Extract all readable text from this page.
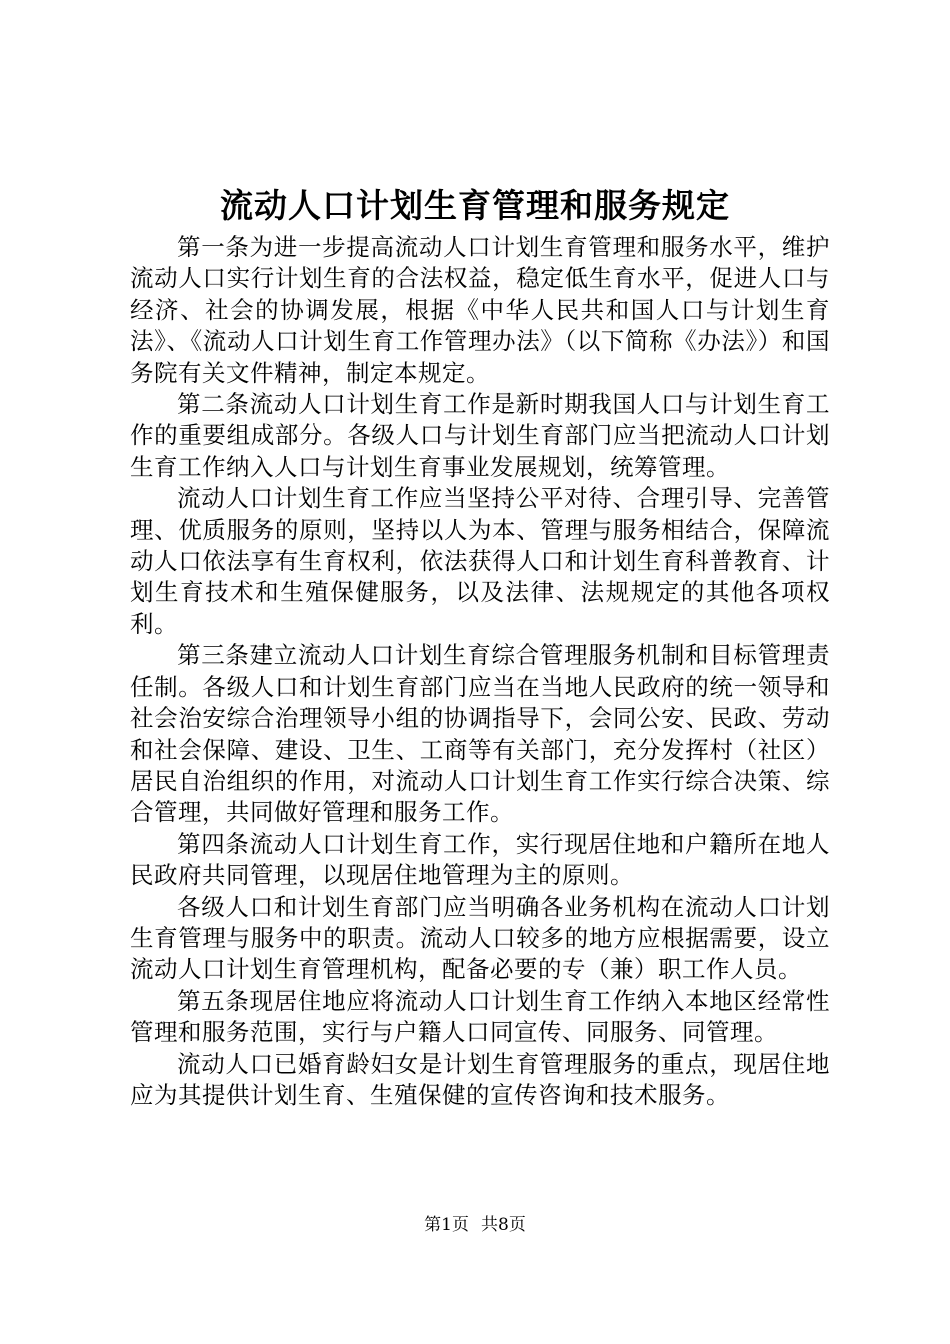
流动人口计划生育管理和服务规定

第一条为进一步提高流动人口计划生育管理和服务水平，维护流动人口实行计划生育的合法权益，稳定低生育水平，促进人口与经济、社会的协调发展，根据《中华人民共和国人口与计划生育法》、《流动人口计划生育工作管理办法》（以下简称《办法》）和国务院有关文件精神，制定本规定。

第二条流动人口计划生育工作是新时期我国人口与计划生育工作的重要组成部分。各级人口与计划生育部门应当把流动人口计划生育工作纳入人口与计划生育事业发展规划，统筹管理。

流动人口计划生育工作应当坚持公平对待、合理引导、完善管理、优质服务的原则，坚持以人为本、管理与服务相结合，保障流动人口依法享有生育权利，依法获得人口和计划生育科普教育、计划生育技术和生殖保健服务，以及法律、法规规定的其他各项权利。

第三条建立流动人口计划生育综合管理服务机制和目标管理责任制。各级人口和计划生育部门应当在当地人民政府的统一领导和社会治安综合治理领导小组的协调指导下，会同公安、民政、劳动和社会保障、建设、卫生、工商等有关部门，充分发挥村（社区）居民自治组织的作用，对流动人口计划生育工作实行综合决策、综合管理，共同做好管理和服务工作。

第四条流动人口计划生育工作，实行现居住地和户籍所在地人民政府共同管理，以现居住地管理为主的原则。

各级人口和计划生育部门应当明确各业务机构在流动人口计划生育管理与服务中的职责。流动人口较多的地方应根据需要，设立流动人口计划生育管理机构，配备必要的专（兼）职工作人员。

第五条现居住地应将流动人口计划生育工作纳入本地区经常性管理和服务范围，实行与户籍人口同宣传、同服务、同管理。

流动人口已婚育龄妇女是计划生育管理服务的重点，现居住地应为其提供计划生育、生殖保健的宣传咨询和技术服务。

第1页 共8页
